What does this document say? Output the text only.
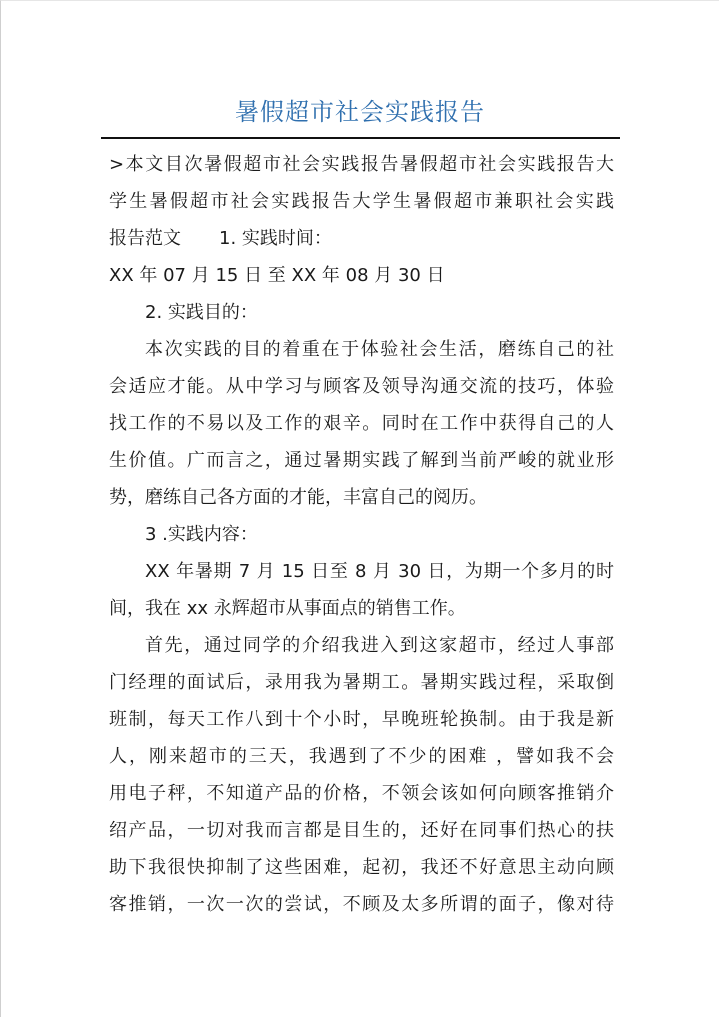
暑假超市社会实践报告
>本文目次暑假超市社会实践报告暑假超市社会实践报告大
学生暑假超市社会实践报告大学生暑假超市兼职社会实践
报告范文 1. 实践时间：
XX 年 07 月 15 日 至 XX 年 08 月 30 日
2. 实践目的：
本次实践的目的着重在于体验社会生活，磨练自己的社
会适应才能。从中学习与顾客及领导沟通交流的技巧，体验
找工作的不易以及工作的艰辛。同时在工作中获得自己的人
生价值。广而言之，通过暑期实践了解到当前严峻的就业形
势，磨练自己各方面的才能，丰富自己的阅历。
3 .实践内容：
XX 年暑期 7 月 15 日至 8 月 30 日，为期一个多月的时
间，我在 xx 永辉超市从事面点的销售工作。
首先，通过同学的介绍我进入到这家超市，经过人事部
门经理的面试后，录用我为暑期工。暑期实践过程，采取倒
班制，每天工作八到十个小时，早晚班轮换制。由于我是新
人，刚来超市的三天，我遇到了不少的困难 ，譬如我不会
用电子秤，不知道产品的价格，不领会该如何向顾客推销介
绍产品，一切对我而言都是目生的，还好在同事们热心的扶
助下我很快抑制了这些困难，起初，我还不好意思主动向顾
客推销，一次一次的尝试，不顾及太多所谓的面子，像对待
